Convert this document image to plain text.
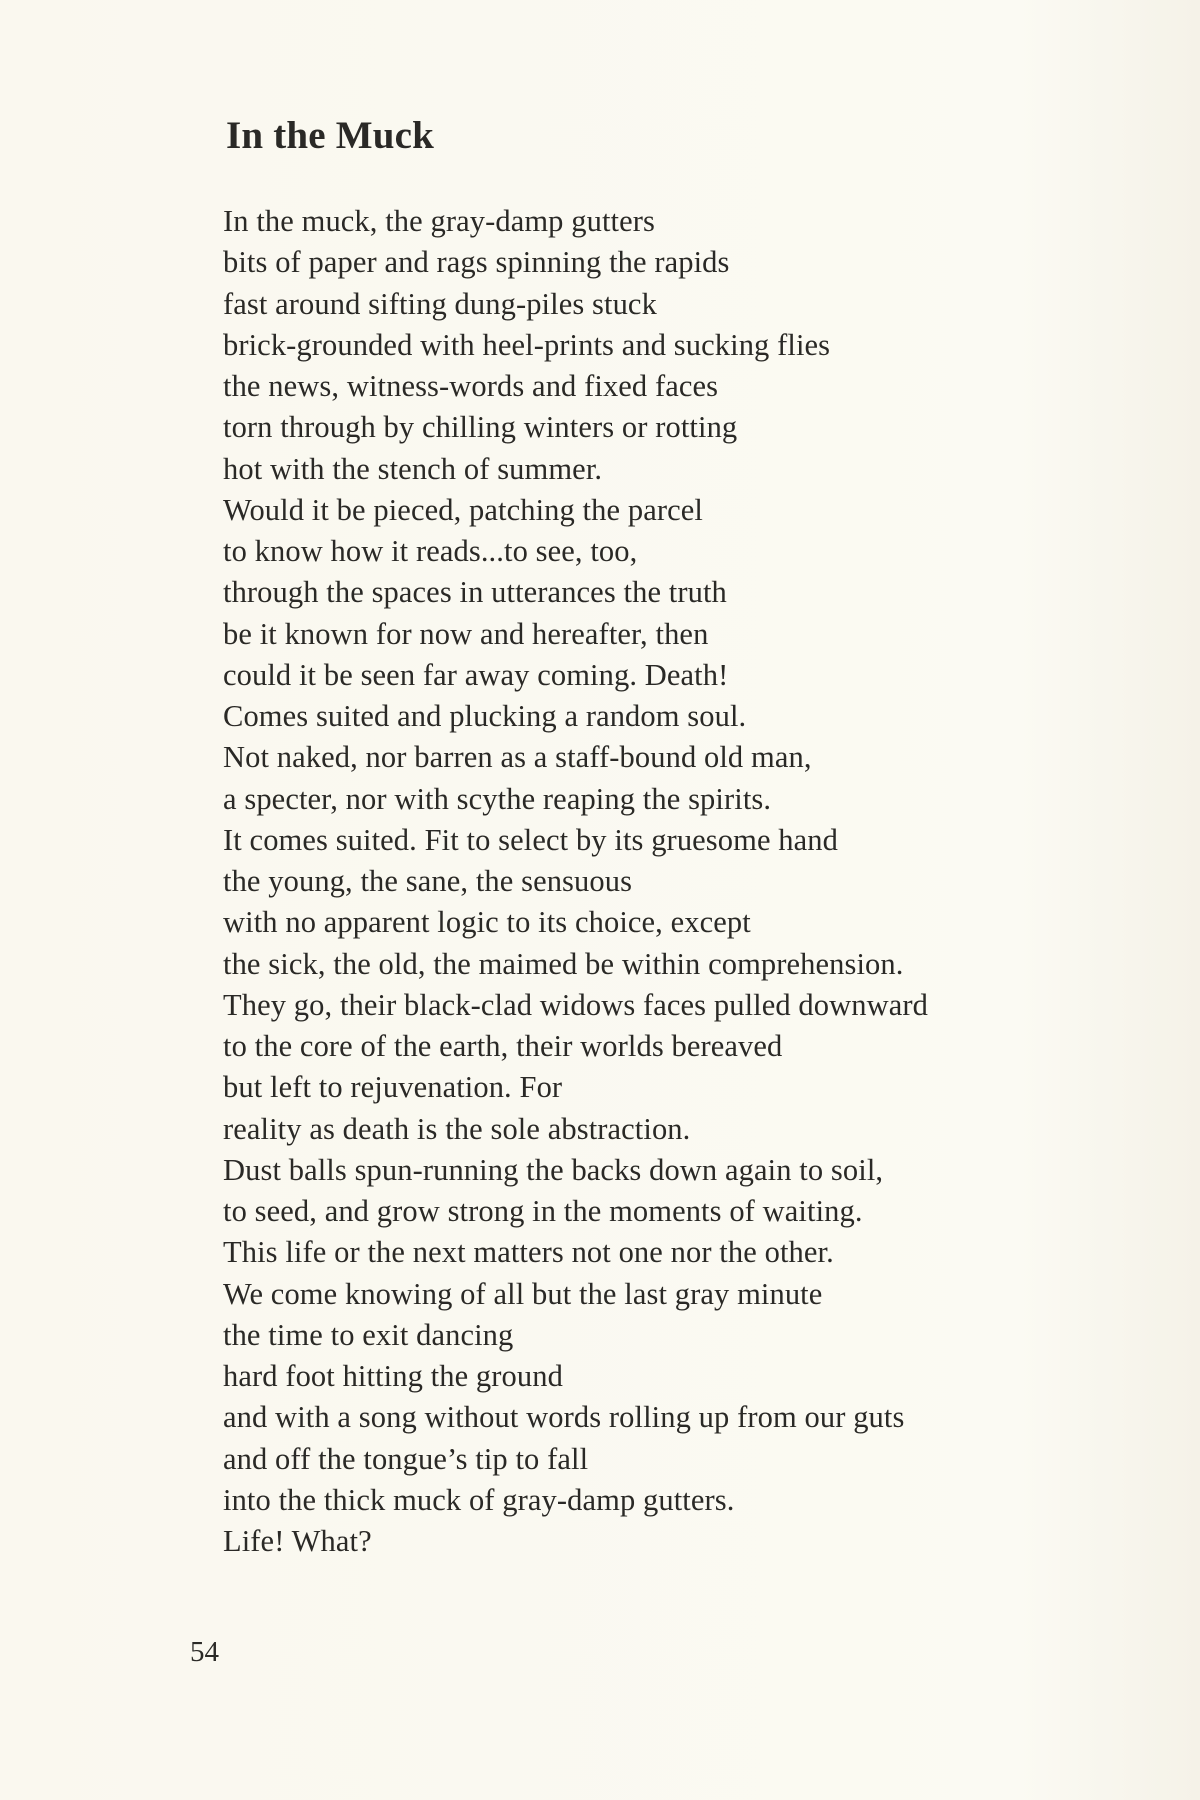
In the Muck
In the muck, the gray-damp gutters
bits of paper and rags spinning the rapids
fast around sifting dung-piles stuck
brick-grounded with heel-prints and sucking flies
the news, witness-words and fixed faces
torn through by chilling winters or rotting
hot with the stench of summer.
Would it be pieced, patching the parcel
to know how it reads...to see, too,
through the spaces in utterances the truth
be it known for now and hereafter, then
could it be seen far away coming. Death!
Comes suited and plucking a random soul.
Not naked, nor barren as a staff-bound old man,
a specter, nor with scythe reaping the spirits.
It comes suited. Fit to select by its gruesome hand
the young, the sane, the sensuous
with no apparent logic to its choice, except
the sick, the old, the maimed be within comprehension.
They go, their black-clad widows faces pulled downward
to the core of the earth, their worlds bereaved
but left to rejuvenation. For
reality as death is the sole abstraction.
Dust balls spun-running the backs down again to soil,
to seed, and grow strong in the moments of waiting.
This life or the next matters not one nor the other.
We come knowing of all but the last gray minute
the time to exit dancing
hard foot hitting the ground
and with a song without words rolling up from our guts
and off the tongue’s tip to fall
into the thick muck of gray-damp gutters.
Life! What?
54
